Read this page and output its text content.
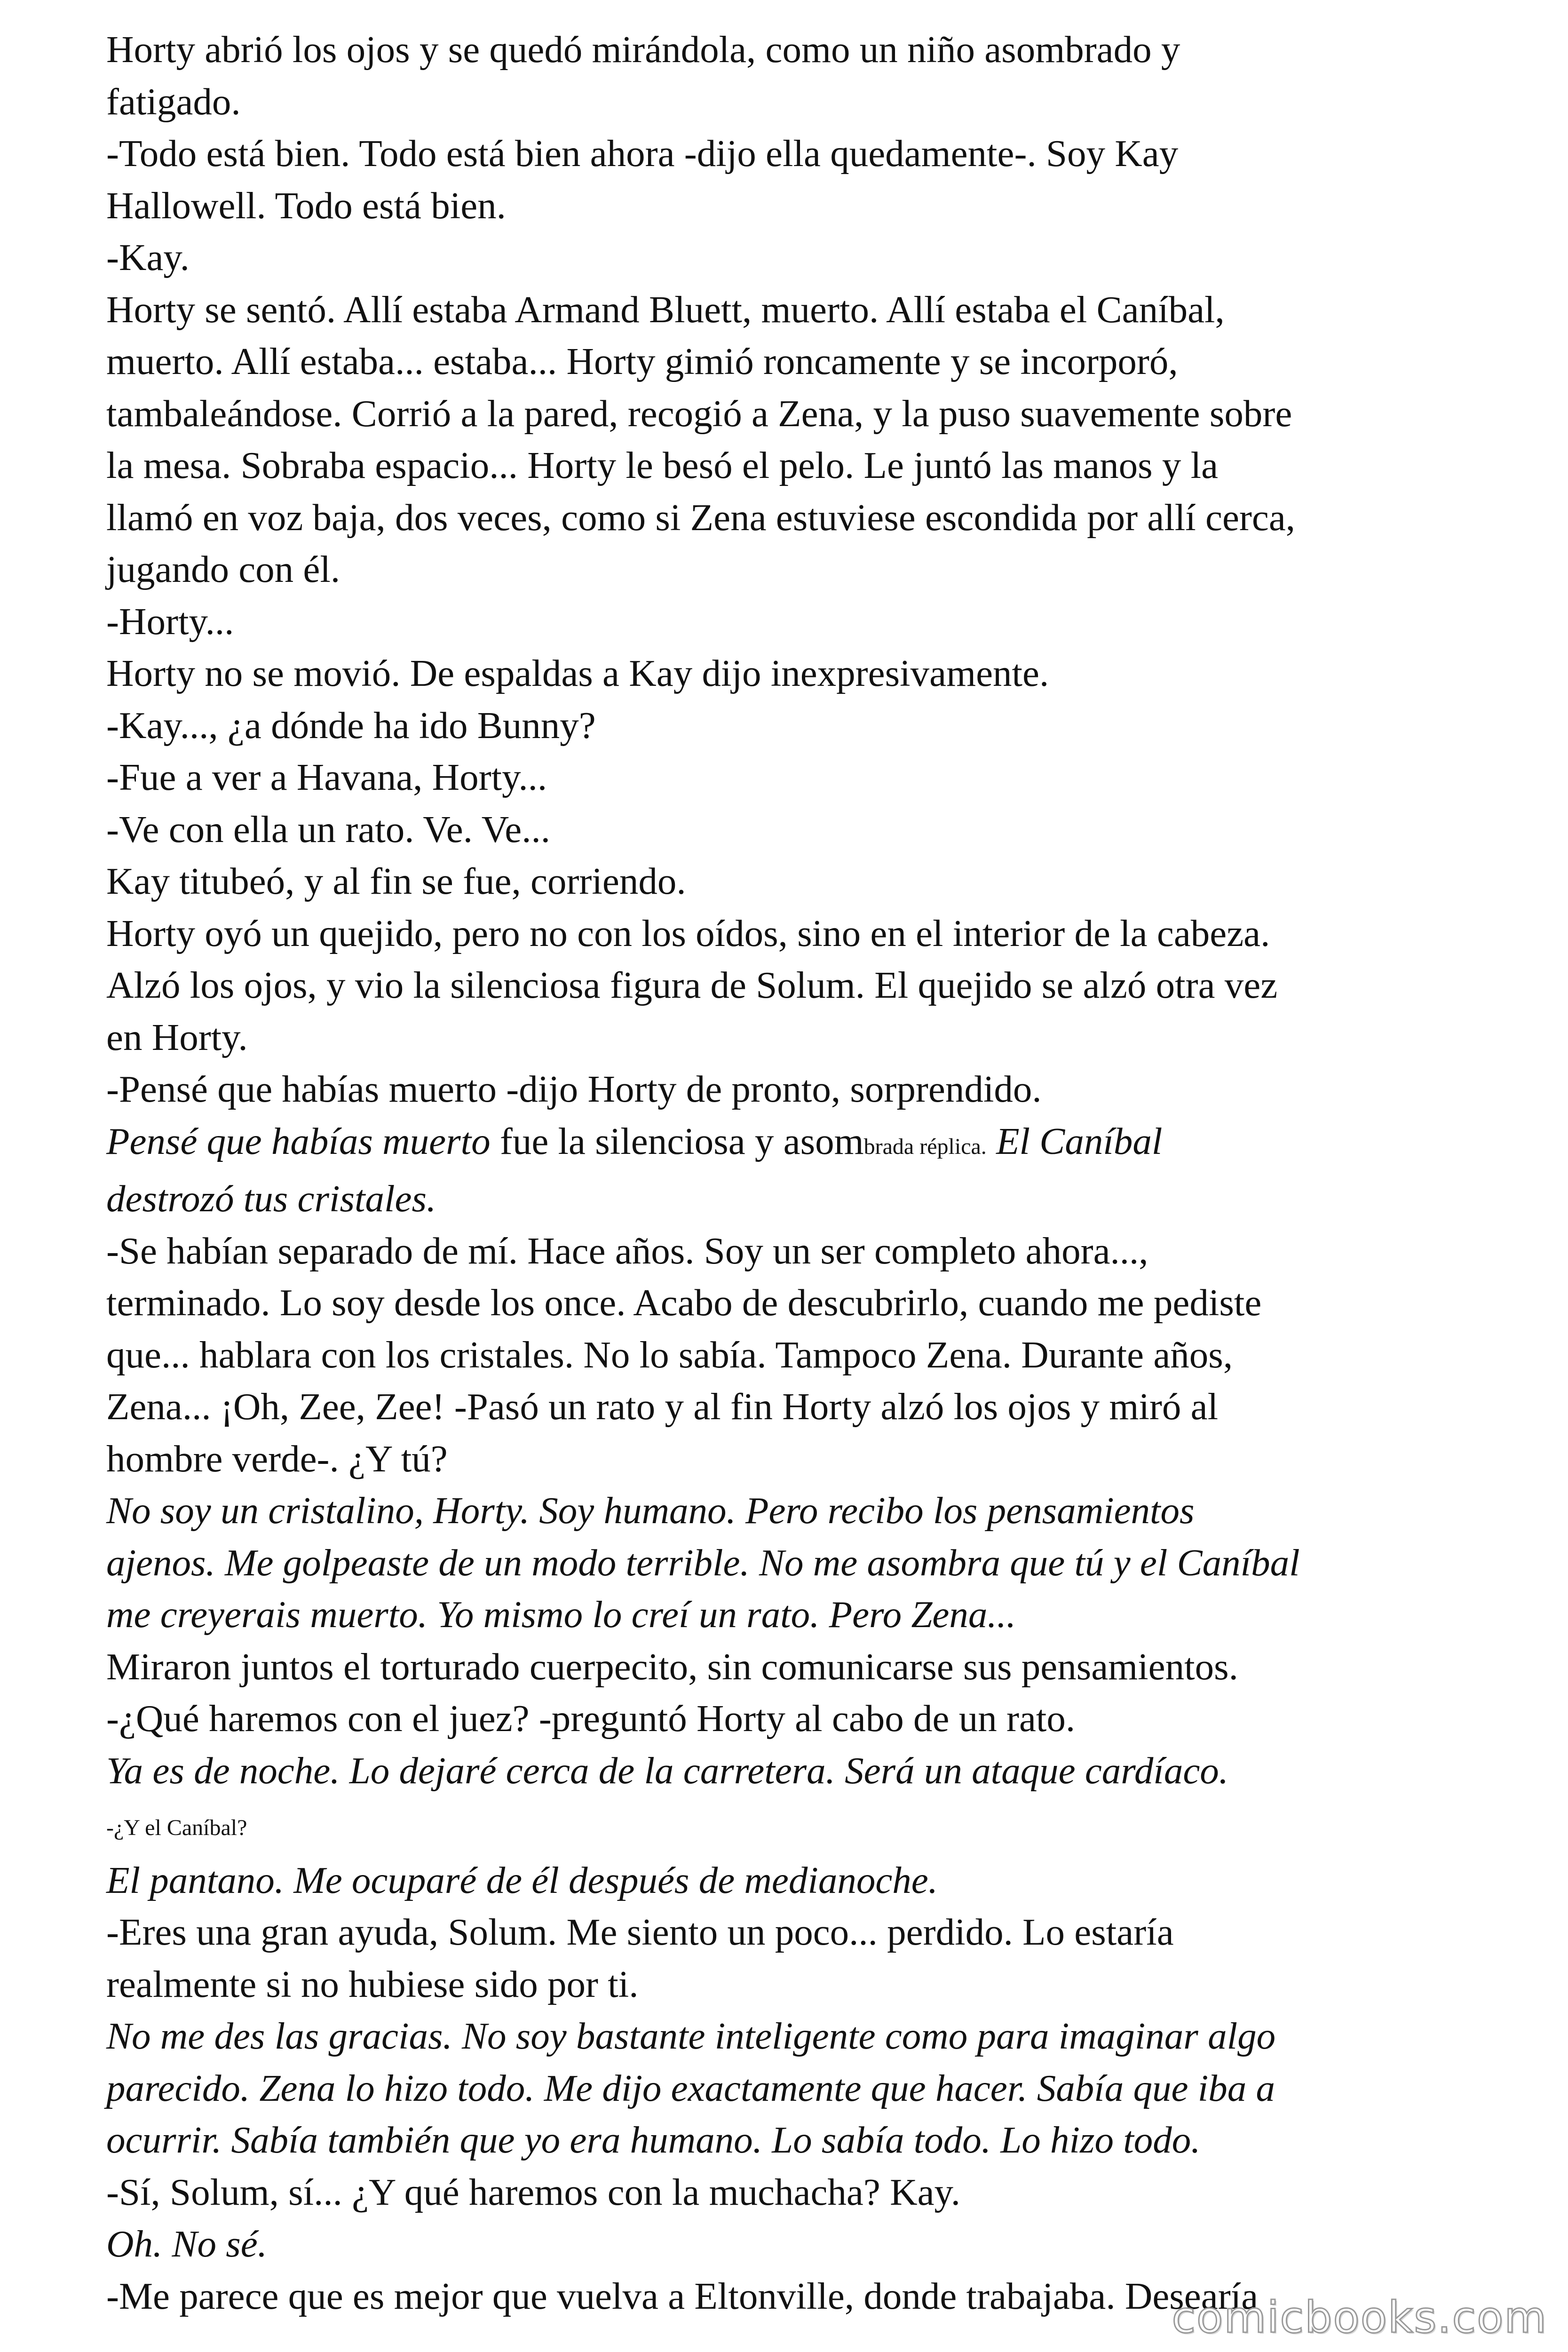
Horty abrió los ojos y se quedó mirándola, como un niño asombrado y
fatigado.
-Todo está bien. Todo está bien ahora -dijo ella quedamente-. Soy Kay
Hallowell. Todo está bien.
-Kay.
Horty se sentó. Allí estaba Armand Bluett, muerto. Allí estaba el Caníbal,
muerto. Allí estaba... estaba... Horty gimió roncamente y se incorporó,
tambaleándose. Corrió a la pared, recogió a Zena, y la puso suavemente sobre
la mesa. Sobraba espacio... Horty le besó el pelo. Le juntó las manos y la
llamó en voz baja, dos veces, como si Zena estuviese escondida por allí cerca,
jugando con él.
-Horty...
Horty no se movió. De espaldas a Kay dijo inexpresivamente.
-Kay..., ¿a dónde ha ido Bunny?
-Fue a ver a Havana, Horty...
-Ve con ella un rato. Ve. Ve...
Kay titubeó, y al fin se fue, corriendo.
Horty oyó un quejido, pero no con los oídos, sino en el interior de la cabeza.
Alzó los ojos, y vio la silenciosa figura de Solum. El quejido se alzó otra vez
en Horty.
-Pensé que habías muerto -dijo Horty de pronto, sorprendido.
Pensé que habías muerto fue la silenciosa y asombrada réplica. El Caníbal
destrozó tus cristales.
-Se habían separado de mí. Hace años. Soy un ser completo ahora...,
terminado. Lo soy desde los once. Acabo de descubrirlo, cuando me pediste
que... hablara con los cristales. No lo sabía. Tampoco Zena. Durante años,
Zena... ¡Oh, Zee, Zee! -Pasó un rato y al fin Horty alzó los ojos y miró al
hombre verde-. ¿Y tú?
No soy un cristalino, Horty. Soy humano. Pero recibo los pensamientos
ajenos. Me golpeaste de un modo terrible. No me asombra que tú y el Caníbal
me creyerais muerto. Yo mismo lo creí un rato. Pero Zena...
Miraron juntos el torturado cuerpecito, sin comunicarse sus pensamientos.
-¿Qué haremos con el juez? -preguntó Horty al cabo de un rato.
Ya es de noche. Lo dejaré cerca de la carretera. Será un ataque cardíaco.
-¿Y el Caníbal?
El pantano. Me ocuparé de él después de medianoche.
-Eres una gran ayuda, Solum. Me siento un poco... perdido. Lo estaría
realmente si no hubiese sido por ti.
No me des las gracias. No soy bastante inteligente como para imaginar algo
parecido. Zena lo hizo todo. Me dijo exactamente que hacer. Sabía que iba a
ocurrir. Sabía también que yo era humano. Lo sabía todo. Lo hizo todo.
-Sí, Solum, sí... ¿Y qué haremos con la muchacha? Kay.
Oh. No sé.
-Me parece que es mejor que vuelva a Eltonville, donde trabajaba. Desearía
comicbooks.com
